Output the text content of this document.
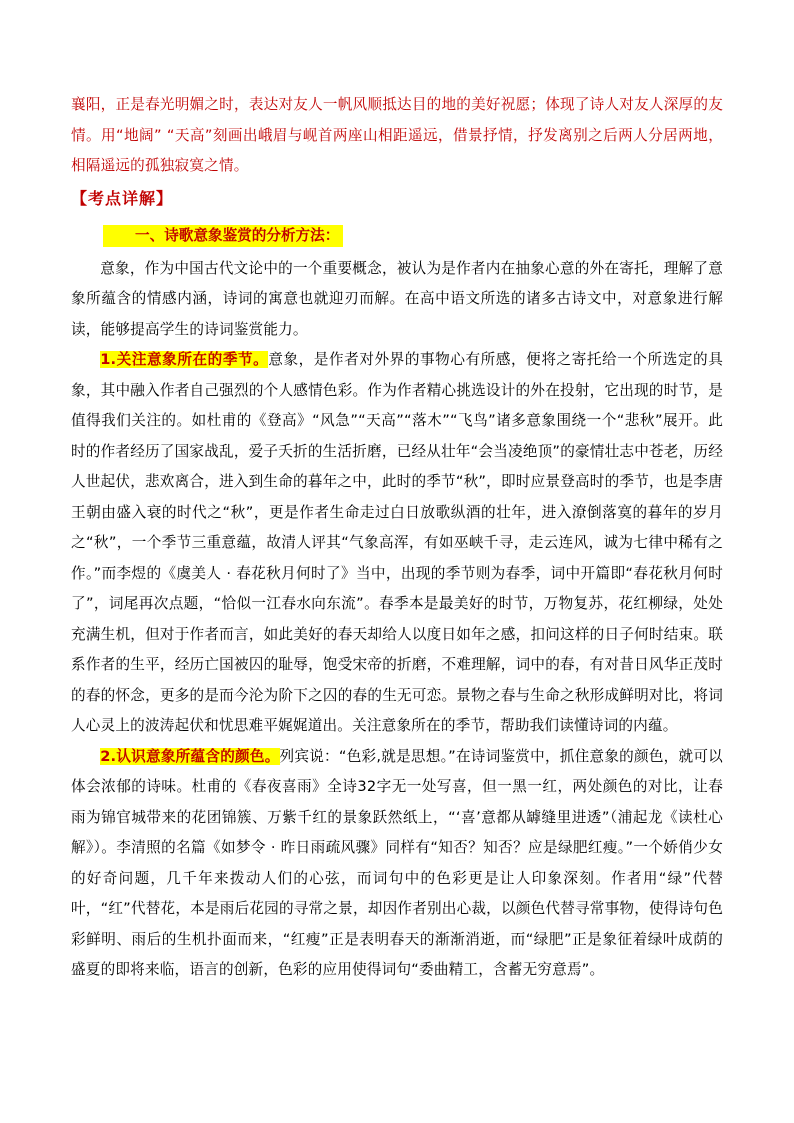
襄阳，正是春光明媚之时，表达对友人一帆风顺抵达目的地的美好祝愿；体现了诗人对友人深厚的友情。用“地阔” “天高”刻画出峨眉与岘首两座山相距遥远，借景抒情，抒发离别之后两人分居两地，相隔遥远的孤独寂寞之情。

【考点详解】
一、诗歌意象鉴赏的分析方法：

意象，作为中国古代文论中的一个重要概念，被认为是作者内在抽象心意的外在寄托，理解了意象所蕴含的情感内涵，诗词的寓意也就迎刃而解。在高中语文所选的诸多古诗文中，对意象进行解读，能够提高学生的诗词鉴赏能力。

1.关注意象所在的季节。意象，是作者对外界的事物心有所感，便将之寄托给一个所选定的具象，其中融入作者自己强烈的个人感情色彩。作为作者精心挑选设计的外在投射，它出现的时节，是值得我们关注的。如杜甫的《登高》“风急”“天高”“落木”“飞鸟”诸多意象围绕一个“悲秋”展开。此时的作者经历了国家战乱，爱子夭折的生活折磨，已经从壮年“会当凌绝顶”的豪情壮志中苍老，历经人世起伏，悲欢离合，进入到生命的暮年之中，此时的季节“秋”，即时应景登高时的季节，也是李唐王朝由盛入衰的时代之“秋”，更是作者生命走过白日放歌纵酒的壮年，进入潦倒落寞的暮年的岁月之“秋”，一个季节三重意蕴，故清人评其“气象高浑，有如巫峡千寻，走云连风，诚为七律中稀有之作。”而李煜的《虞美人 · 春花秋月何时了》当中，出现的季节则为春季，词中开篇即“春花秋月何时了”，词尾再次点题，“恰似一江春水向东流”。春季本是最美好的时节，万物复苏，花红柳绿，处处充满生机，但对于作者而言，如此美好的春天却给人以度日如年之感，扣问这样的日子何时结束。联系作者的生平，经历亡国被囚的耻辱，饱受宋帝的折磨，不难理解，词中的春，有对昔日风华正茂时的春的怀念，更多的是而今沦为阶下之囚的春的生无可恋。景物之春与生命之秋形成鲜明对比，将词人心灵上的波涛起伏和忧思难平娓娓道出。关注意象所在的季节，帮助我们读懂诗词的内蕴。

2.认识意象所蕴含的颜色。列宾说：“色彩,就是思想。”在诗词鉴赏中，抓住意象的颜色，就可以体会浓郁的诗味。杜甫的《春夜喜雨》全诗32字无一处写喜，但一黑一红，两处颜色的对比，让春雨为锦官城带来的花团锦簇、万紫千红的景象跃然纸上，“‘喜’意都从罅缝里进透”（浦起龙《读杜心解》）。李清照的名篇《如梦令 · 昨日雨疏风骤》同样有“知否？知否？应是绿肥红瘦。”一个娇俏少女的好奇问题，几千年来拨动人们的心弦，而词句中的色彩更是让人印象深刻。作者用“绿”代替叶，“红”代替花，本是雨后花园的寻常之景，却因作者别出心裁，以颜色代替寻常事物，使得诗句色彩鲜明、雨后的生机扑面而来，“红瘦”正是表明春天的渐渐消逝，而“绿肥”正是象征着绿叶成荫的盛夏的即将来临，语言的创新，色彩的应用使得词句“委曲精工，含蓄无穷意焉”。
